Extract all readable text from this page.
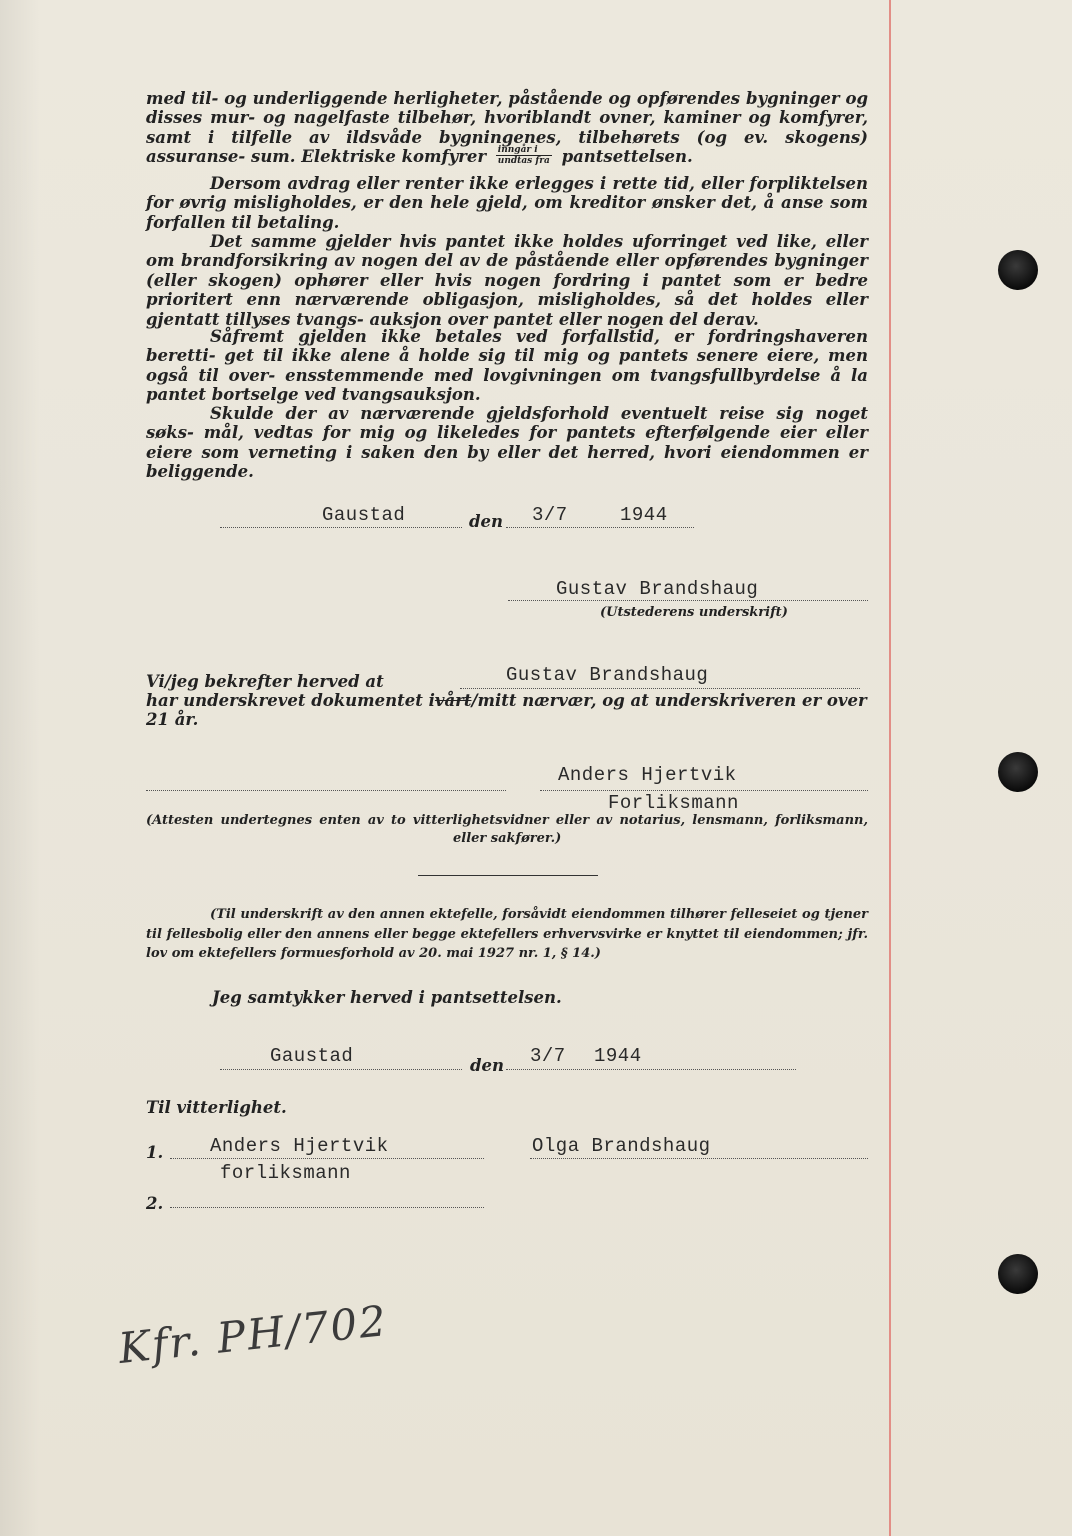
med til- og underliggende herligheter, påstående og opførendes bygninger og disses mur- og nagelfaste tilbehør, hvoriblandt ovner, kaminer og komfyrer, samt i tilfelle av ildsvåde bygningenes, tilbehørets (og ev. skogens) assuranse- sum. Elektriske komfyrer $\frac{\text{inngår i}}{\text{undtas fra}}$ pantsettelsen.
Dersom avdrag eller renter ikke erlegges i rette tid, eller forpliktelsen for øvrig misligholdes, er den hele gjeld, om kreditor ønsker det, å anse som forfallen til betaling.
Det samme gjelder hvis pantet ikke holdes uforringet ved like, eller om brandforsikring av nogen del av de påstående eller opførendes bygninger (eller skogen) ophører eller hvis nogen fordring i pantet som er bedre prioritert enn nærværende obligasjon, misligholdes, så det holdes eller gjentatt tillyses tvangs- auksjon over pantet eller nogen del derav.
Såfremt gjelden ikke betales ved forfallstid, er fordringshaveren beretti- get til ikke alene å holde sig til mig og pantets senere eiere, men også til over- ensstemmende med lovgivningen om tvangsfullbyrdelse å la pantet bortselge ved tvangsauksjon.
Skulde der av nærværende gjeldsforhold eventuelt reise sig noget søks- mål, vedtas for mig og likeledes for pantets efterfølgende eier eller eiere som verneting i saken den by eller det herred, hvori eiendommen er beliggende.
Gaustad	den 3/7	1944
Gustav Brandshaug
(Utstederens underskrift)
Vi/jeg bekrefter herved at	Gustav Brandshaug
har underskrevet dokumentet ivårt/mitt nærvær, og at underskriveren er over
21 år.
Anders Hjertvik
Forliksmann
(Attesten undertegnes enten av to vitterlighetsvidner eller av notarius, lensmann, forliksmann,
eller sakfører.)
(Til underskrift av den annen ektefelle, forsåvidt eiendommen tilhører felleseiet og tjener til fellesbolig eller den annens eller begge ektefellers erhvervsvirke er knyttet til eiendommen; jfr. lov om ektefellers formuesforhold av 20. mai 1927 nr. 1, § 14.)
Jeg samtykker herved i pantsettelsen.
Gaustad	den 3/7 1944
Til vitterlighet.
1. Anders Hjertvik
forliksmann
Olga Brandshaug
2.
Kfr. PH/702
